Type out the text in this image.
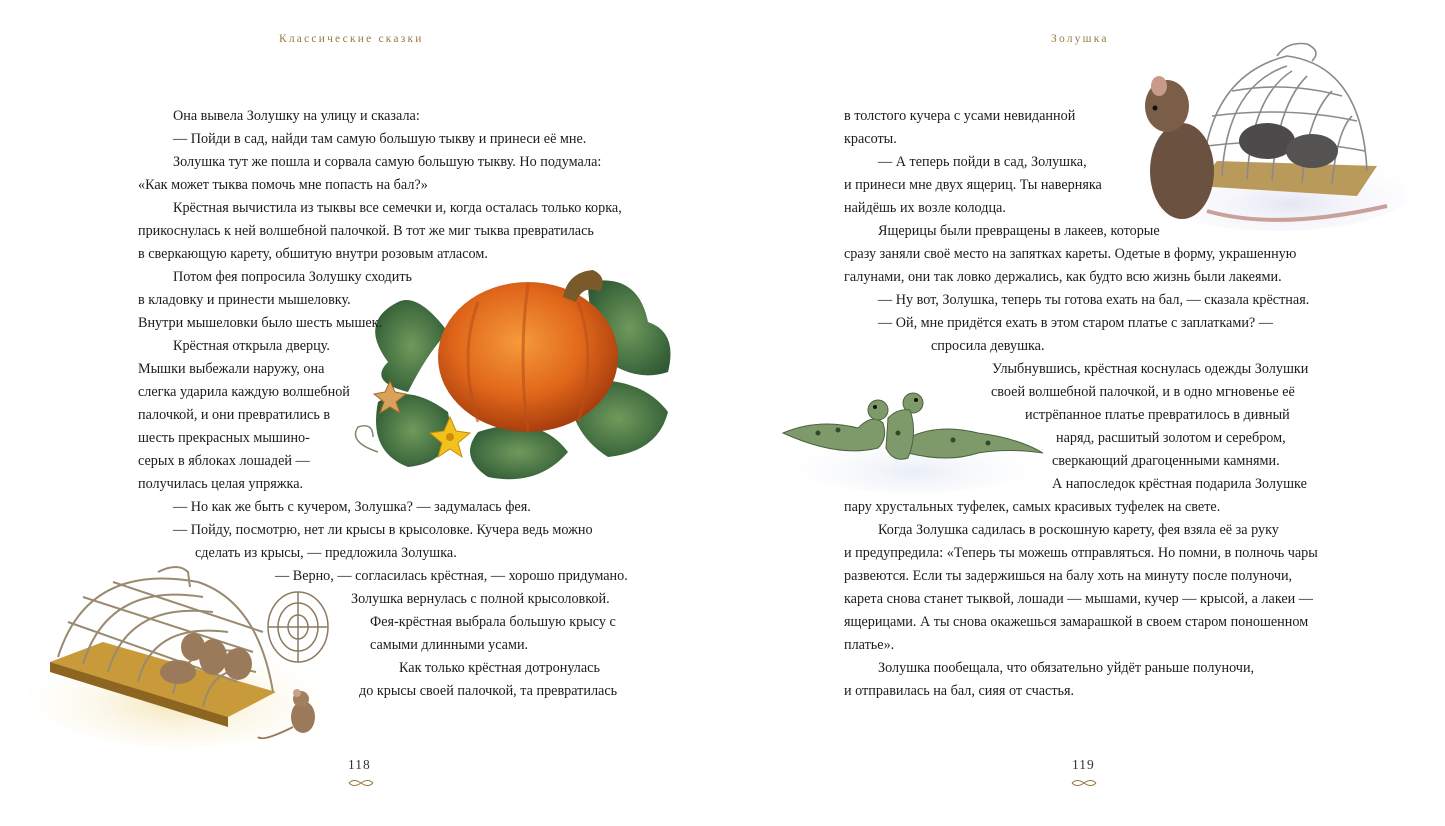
Классические сказки
Она вывела Золушку на улицу и сказала:
— Пойди в сад, найди там самую большую тыкву и принеси её мне.
Золушка тут же пошла и сорвала самую большую тыкву. Но подумала:
«Как может тыква помочь мне попасть на бал?»
Крёстная вычистила из тыквы все семечки и, когда осталась только корка,
прикоснулась к ней волшебной палочкой. В тот же миг тыква превратилась
в сверкающую карету, обшитую внутри розовым атласом.
Потом фея попросила Золушку сходить
в кладовку и принести мышеловку.
Внутри мышеловки было шесть мышек.
Крёстная открыла дверцу.
Мышки выбежали наружу, она
слегка ударила каждую волшебной
палочкой, и они превратились в
шесть прекрасных мышино-
серых в яблоках лошадей —
получилась целая упряжка.
— Но как же быть с кучером, Золушка? — задумалась фея.
— Пойду, посмотрю, нет ли крысы в крысоловке. Кучера ведь можно
сделать из крысы, — предложила Золушка.
— Верно, — согласилась крёстная, — хорошо придумано.
Золушка вернулась с полной крысоловкой.
Фея-крёстная выбрала большую крысу с
самыми длинными усами.
Как только крёстная дотронулась
до крысы своей палочкой, та превратилась
118
Золушка
в толстого кучера с усами невиданной
красоты.
— А теперь пойди в сад, Золушка,
и принеси мне двух ящериц. Ты наверняка
найдёшь их возле колодца.
Ящерицы были превращены в лакеев, которые
сразу заняли своё место на запятках кареты. Одетые в форму, украшенную
галунами, они так ловко держались, как будто всю жизнь были лакеями.
— Ну вот, Золушка, теперь ты готова ехать на бал, — сказала крёстная.
— Ой, мне придётся ехать в этом старом платье с заплатками? —
спросила девушка.
Улыбнувшись, крёстная коснулась одежды Золушки
своей волшебной палочкой, и в одно мгновенье её
истрёпанное платье превратилось в дивный
наряд, расшитый золотом и серебром,
сверкающий драгоценными камнями.
А напоследок крёстная подарила Золушке
пару хрустальных туфелек, самых красивых туфелек на свете.
Когда Золушка садилась в роскошную карету, фея взяла её за руку
и предупредила: «Теперь ты можешь отправляться. Но помни, в полночь чары
развеются. Если ты задержишься на балу хоть на минуту после полуночи,
карета снова станет тыквой, лошади — мышами, кучер — крысой, а лакеи —
ящерицами. А ты снова окажешься замарашкой в своем старом поношенном
платье».
Золушка пообещала, что обязательно уйдёт раньше полуночи,
и отправилась на бал, сияя от счастья.
119
